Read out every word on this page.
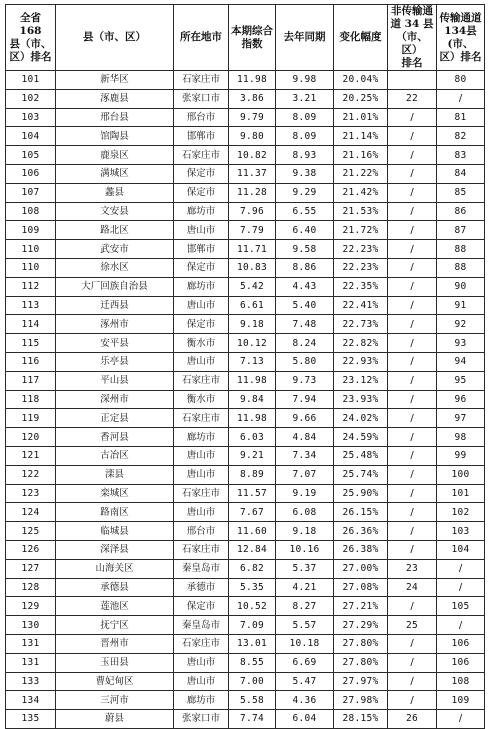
全省 168
县（市、
区）排名	县（市、区）	所在地市	本期综合
指数	去年同期	变化幅度	非传输通
道 34 县
（市、区）
排名	传输通道
134县(市、
区）排名

101	新华区	石家庄市	11.98	9.98	20.04%		80
102	涿鹿县	张家口市	3.86	3.21	20.25%	22	/
103	邢台县	邢台市	9.79	8.09	21.01%	/	81
104	馆陶县	邯郸市	9.80	8.09	21.14%	/	82
105	鹿泉区	石家庄市	10.82	8.93	21.16%	/	83
106	满城区	保定市	11.37	9.38	21.22%	/	84
107	蠡县	保定市	11.28	9.29	21.42%	/	85
108	文安县	廊坊市	7.96	6.55	21.53%	/	86
109	路北区	唐山市	7.79	6.40	21.72%	/	87
110	武安市	邯郸市	11.71	9.58	22.23%	/	88
110	徐水区	保定市	10.83	8.86	22.23%	/	88
112	大厂回族自治县	廊坊市	5.42	4.43	22.35%	/	90
113	迁西县	唐山市	6.61	5.40	22.41%	/	91
114	涿州市	保定市	9.18	7.48	22.73%	/	92
115	安平县	衡水市	10.12	8.24	22.82%	/	93
116	乐亭县	唐山市	7.13	5.80	22.93%	/	94
117	平山县	石家庄市	11.98	9.73	23.12%	/	95
118	深州市	衡水市	9.84	7.94	23.93%	/	96
119	正定县	石家庄市	11.98	9.66	24.02%	/	97
120	香河县	廊坊市	6.03	4.84	24.59%	/	98
121	古冶区	唐山市	9.21	7.34	25.48%	/	99
122	滦县	唐山市	8.89	7.07	25.74%	/	100
123	栾城区	石家庄市	11.57	9.19	25.90%	/	101
124	路南区	唐山市	7.67	6.08	26.15%	/	102
125	临城县	邢台市	11.60	9.18	26.36%	/	103
126	深泽县	石家庄市	12.84	10.16	26.38%	/	104
127	山海关区	秦皇岛市	6.82	5.37	27.00%	23	/
128	承德县	承德市	5.35	4.21	27.08%	24	/
129	莲池区	保定市	10.52	8.27	27.21%	/	105
130	抚宁区	秦皇岛市	7.09	5.57	27.29%	25	/
131	晋州市	石家庄市	13.01	10.18	27.80%	/	106
131	玉田县	唐山市	8.55	6.69	27.80%	/	106
133	曹妃甸区	唐山市	7.00	5.47	27.97%	/	108
134	三河市	廊坊市	5.58	4.36	27.98%	/	109
135	蔚县	张家口市	7.74	6.04	28.15%	26	/
